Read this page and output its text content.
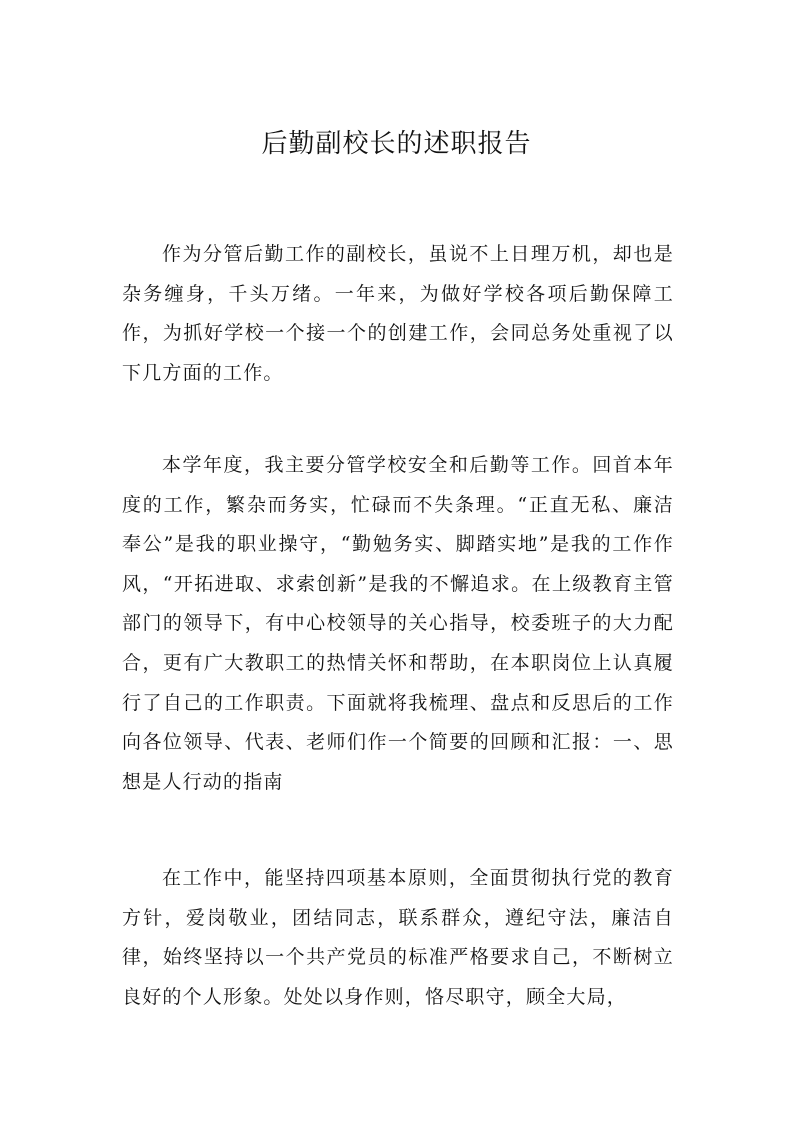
后勤副校长的述职报告

作为分管后勤工作的副校长，虽说不上日理万机，却也是杂务缠身，千头万绪。一年来，为做好学校各项后勤保障工作，为抓好学校一个接一个的创建工作，会同总务处重视了以下几方面的工作。

本学年度，我主要分管学校安全和后勤等工作。回首本年度的工作，繁杂而务实，忙碌而不失条理。“正直无私、廉洁奉公”是我的职业操守，“勤勉务实、脚踏实地”是我的工作作风，“开拓进取、求索创新”是我的不懈追求。在上级教育主管部门的领导下，有中心校领导的关心指导，校委班子的大力配合，更有广大教职工的热情关怀和帮助，在本职岗位上认真履行了自己的工作职责。下面就将我梳理、盘点和反思后的工作向各位领导、代表、老师们作一个简要的回顾和汇报：一、思想是人行动的指南

在工作中，能坚持四项基本原则，全面贯彻执行党的教育方针，爱岗敬业，团结同志，联系群众，遵纪守法，廉洁自律，始终坚持以一个共产党员的标准严格要求自己，不断树立良好的个人形象。处处以身作则，恪尽职守，顾全大局，
